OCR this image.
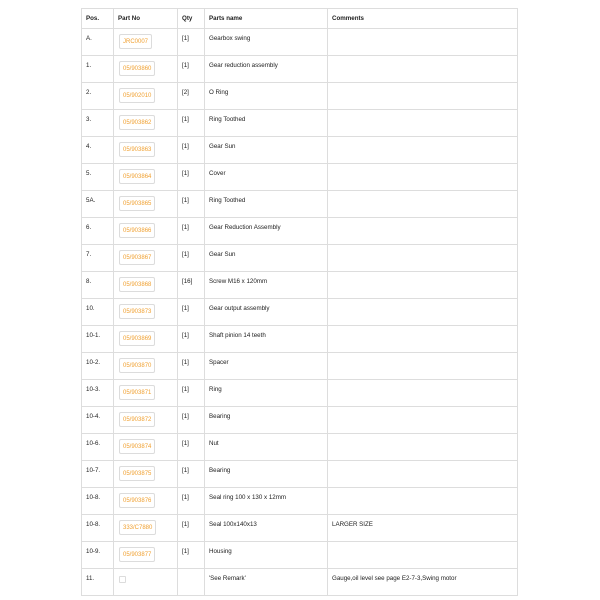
Pos.	Part No	Qty	Parts name	Comments

A.	JRC0007	[1]	Gearbox swing	

1.	05/903860	[1]	Gear reduction assembly	

2.	05/902010	[2]	O Ring	

3.	05/903862	[1]	Ring Toothed	

4.	05/903863	[1]	Gear Sun	

5.	05/903864	[1]	Cover	

5A.	05/903865	[1]	Ring Toothed	

6.	05/903866	[1]	Gear Reduction Assembly	

7.	05/903867	[1]	Gear Sun	

8.	05/903868	[16]	Screw M16 x 120mm	

10.	05/903873	[1]	Gear output assembly	

10-1.	05/903869	[1]	Shaft pinion 14 teeth	

10-2.	05/903870	[1]	Spacer	

10-3.	05/903871	[1]	Ring	

10-4.	05/903872	[1]	Bearing	

10-6.	05/903874	[1]	Nut	

10-7.	05/903875	[1]	Bearing	

10-8.	05/903876	[1]	Seal ring 100 x 130 x 12mm	

10-8.	333/C7880	[1]	Seal 100x140x13	LARGER SIZE

10-9.	05/903877	[1]	Housing	

11.			'See Remark'	Gauge,oil level see page E2-7-3,Swing motor
